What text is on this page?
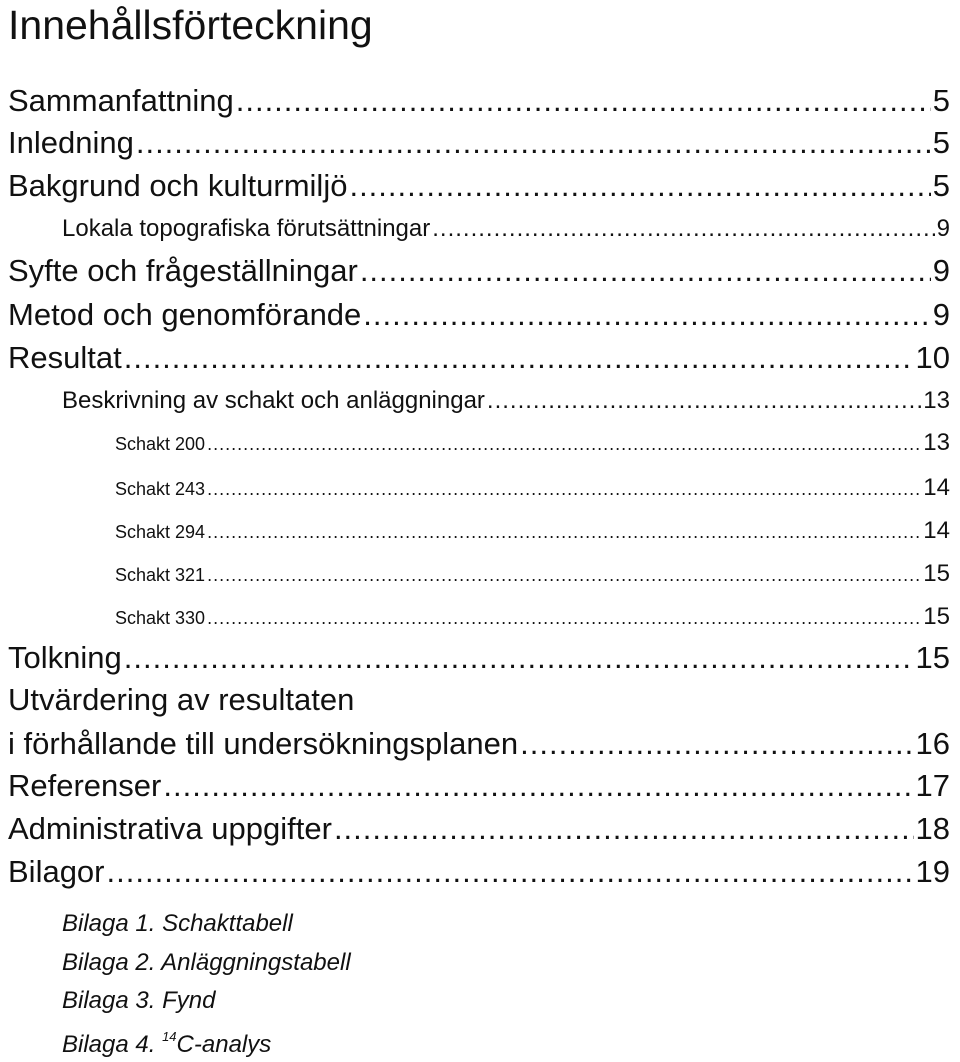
Innehållsförteckning
Sammanfattning .....	5
Inledning .....	5
Bakgrund och kulturmiljö .....	5
Lokala topografiska förutsättningar .....	9
Syfte och frågeställningar .....	9
Metod och genomförande .....	9
Resultat .....	10
Beskrivning av schakt och anläggningar .....	13
Schakt 200 .....	13
Schakt 243 .....	14
Schakt 294 .....	14
Schakt 321 .....	15
Schakt 330 .....	15
Tolkning .....	15
Utvärdering av resultaten
i förhållande till undersökningsplanen .....	16
Referenser .....	17
Administrativa uppgifter .....	18
Bilagor .....	19
Bilaga 1. Schakttabell
Bilaga 2. Anläggningstabell
Bilaga 3. Fynd
Bilaga 4. $^{14}$C-analys
